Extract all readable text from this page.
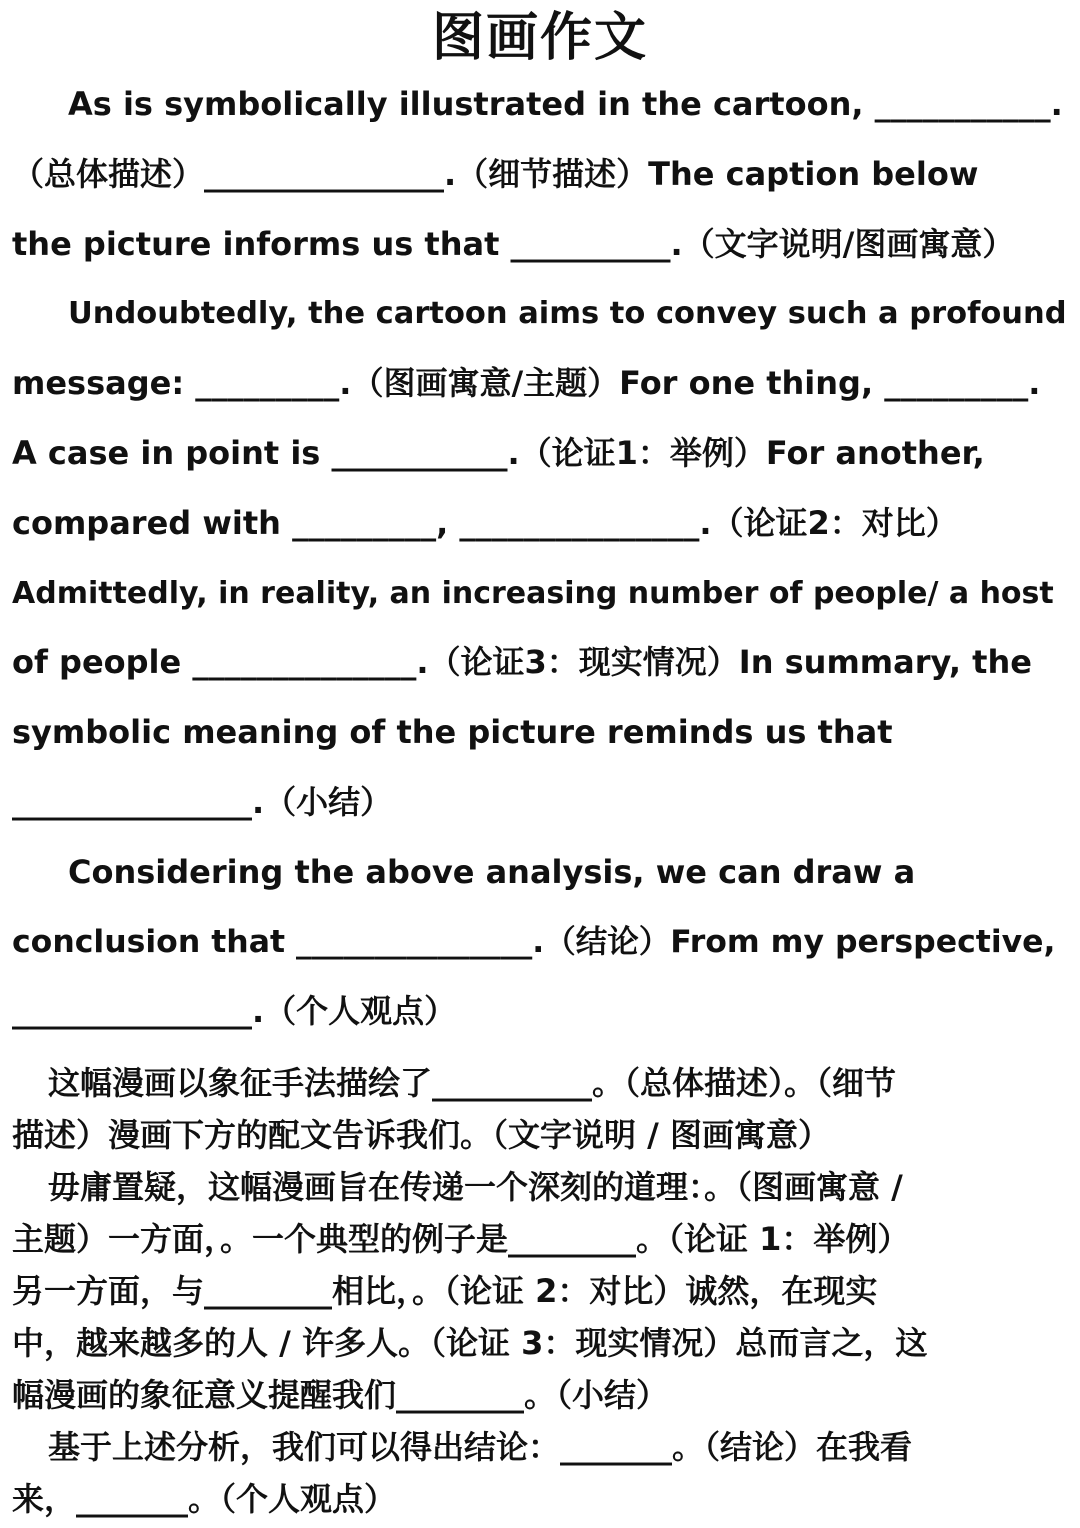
图画作文
As is symbolically illustrated in the cartoon, ___________.
（总体描述）_______________.（细节描述）The caption below
the picture informs us that __________.（文字说明/图画寓意）
Undoubtedly, the cartoon aims to convey such a profound
message: _________.（图画寓意/主题）For one thing, _________.
A case in point is ___________.（论证1：举例）For another,
compared with _________, _______________.（论证2：对比）
Admittedly, in reality, an increasing number of people/ a host
of people ______________.（论证3：现实情况）In summary, the
symbolic meaning of the picture reminds us that
_______________.（小结）
Considering the above analysis, we can draw a
conclusion that _______________.（结论）From my perspective,
_______________.（个人观点）
这幅漫画以象征手法描绘了__________。（总体描述）。（细节
描述）漫画下方的配文告诉我们。（文字说明 / 图画寓意）
毋庸置疑，这幅漫画旨在传递一个深刻的道理：。（图画寓意 /
主题）一方面，。一个典型的例子是________。（论证 1：举例）
另一方面，与________相比，。（论证 2：对比）诚然，在现实
中，越来越多的人 / 许多人。（论证 3：现实情况）总而言之，这
幅漫画的象征意义提醒我们________。（小结）
基于上述分析，我们可以得出结论：_______。（结论）在我看
来，_______。（个人观点）
